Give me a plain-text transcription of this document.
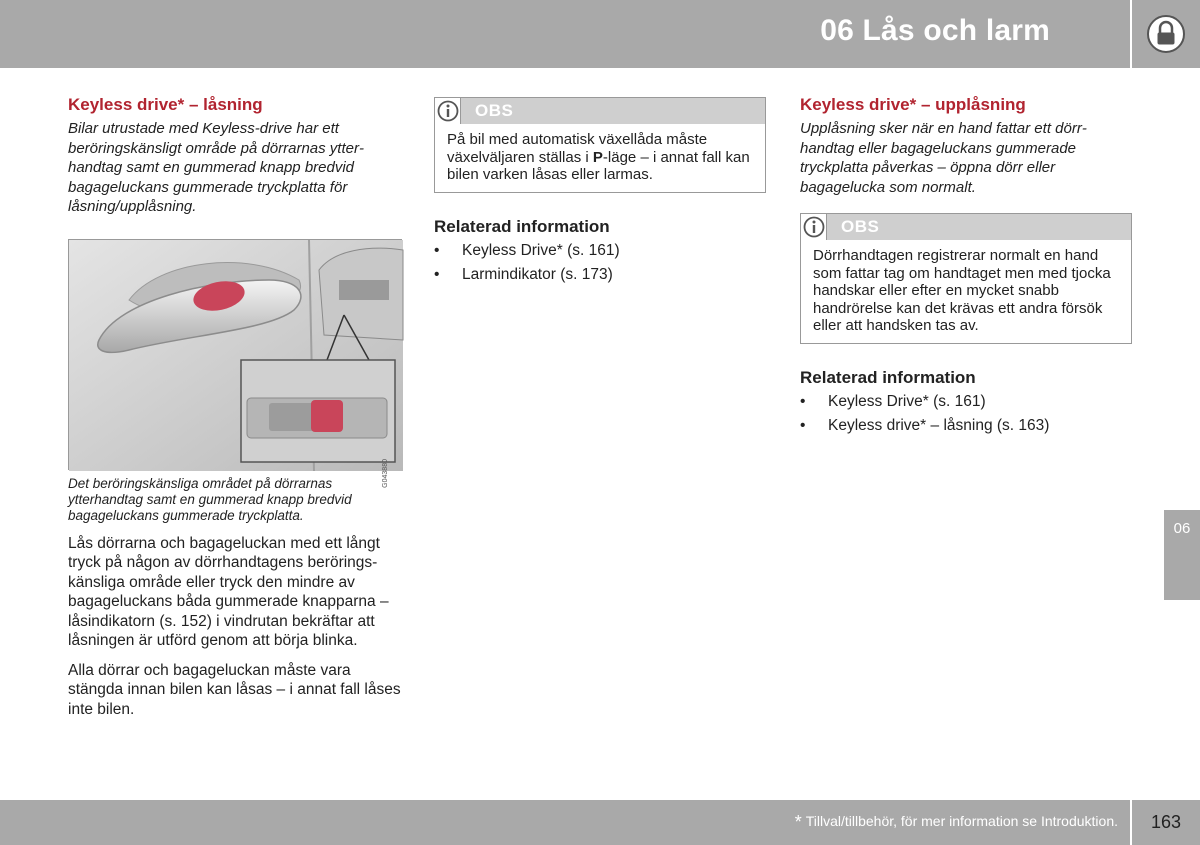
06 Lås och larm
06
Keyless drive* – låsning

Bilar utrustade med Keyless-drive har ett beröringskänsligt område på dörrarnas ytterhandtag samt en gummerad knapp bredvid bagageluckans gummerade tryckplatta för låsning/upplåsning.

G043880

Det beröringskänsliga området på dörrarnas ytterhandtag samt en gummerad knapp bredvid bagageluckans gummerade tryckplatta.

Lås dörrarna och bagageluckan med ett långt tryck på någon av dörrhandtagens beröringskänsliga område eller tryck den mindre av bagageluckans båda gummerade knapparna – låsindikatorn (s. 152) i vindrutan bekräftar att låsningen är utförd genom att börja blinka.

Alla dörrar och bagageluckan måste vara stängda innan bilen kan låsas – i annat fall låses inte bilen.

OBS

På bil med automatisk växellåda måste växelväljaren ställas i P-läge – i annat fall kan bilen varken låsas eller larmas.

Relaterad information
• Keyless Drive* (s. 161)
• Larmindikator (s. 173)
Keyless drive* – upplåsning

Upplåsning sker när en hand fattar ett dörrhandtag eller bagageluckans gummerade tryckplatta påverkas – öppna dörr eller bagagelucka som normalt.

OBS

Dörrhandtagen registrerar normalt en hand som fattar tag om handtaget men med tjocka handskar eller efter en mycket snabb handrörelse kan det krävas ett andra försök eller att handsken tas av.

Relaterad information
• Keyless Drive* (s. 161)
• Keyless drive* – låsning (s. 163)
* Tillval/tillbehör, för mer information se Introduktion.	163
